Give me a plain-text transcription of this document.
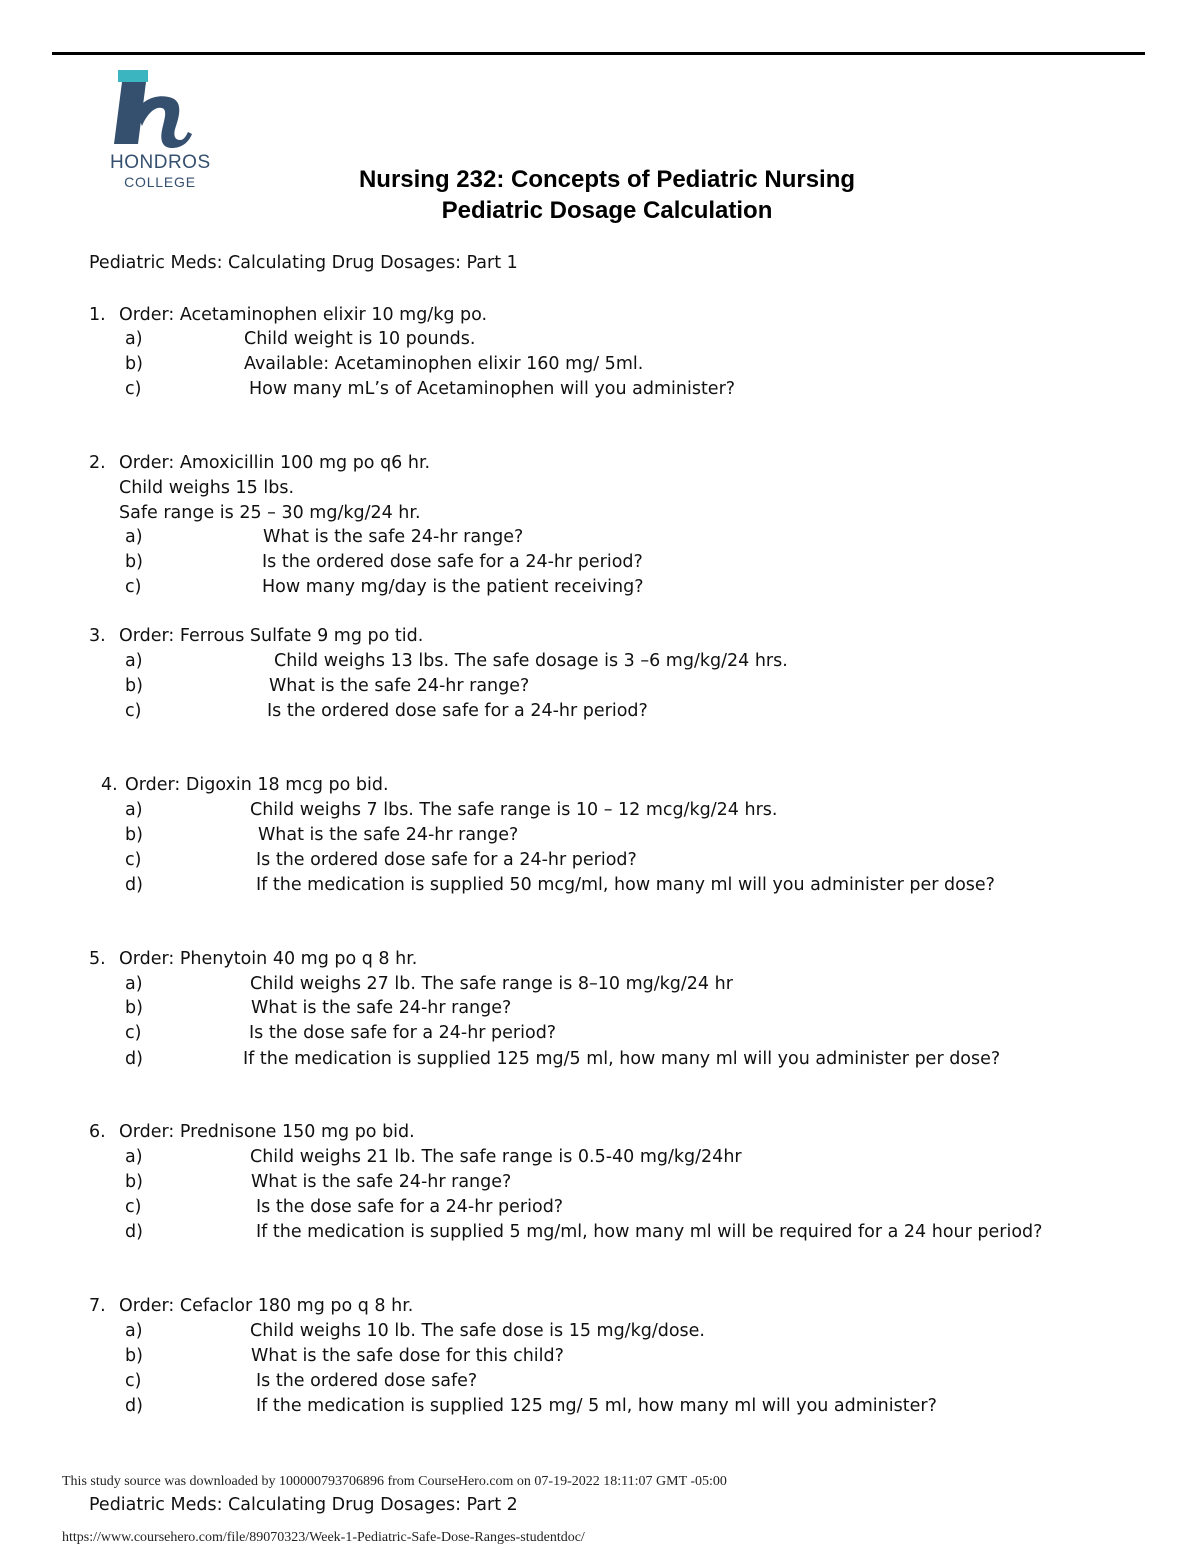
HONDROS
COLLEGE	Nursing 232: Concepts of Pediatric Nursing
Pediatric Dosage Calculation
Pediatric Meds: Calculating Drug Dosages: Part 1
1. Order: Acetaminophen elixir 10 mg/kg po.
a)	Child weight is 10 pounds.
b)	Available: Acetaminophen elixir 160 mg/ 5ml.
c)	How many mL’s of Acetaminophen will you administer?
2. Order: Amoxicillin 100 mg po q6 hr.
Child weighs 15 lbs.
Safe range is 25 – 30 mg/kg/24 hr.
a)	What is the safe 24-hr range?
b)	Is the ordered dose safe for a 24-hr period?
c)	How many mg/day is the patient receiving?
3. Order: Ferrous Sulfate 9 mg po tid.
a)	Child weighs 13 lbs. The safe dosage is 3 –6 mg/kg/24 hrs.
b)	What is the safe 24-hr range?
c)	Is the ordered dose safe for a 24-hr period?
4. Order: Digoxin 18 mcg po bid.
a)	Child weighs 7 lbs. The safe range is 10 – 12 mcg/kg/24 hrs.
b)	What is the safe 24-hr range?
c)	Is the ordered dose safe for a 24-hr period?
d)	If the medication is supplied 50 mcg/ml, how many ml will you administer per dose?
5. Order: Phenytoin 40 mg po q 8 hr.
a)	Child weighs 27 lb. The safe range is 8–10 mg/kg/24 hr
b)	What is the safe 24-hr range?
c)	Is the dose safe for a 24-hr period?
d)	If the medication is supplied 125 mg/5 ml, how many ml will you administer per dose?
6. Order: Prednisone 150 mg po bid.
a)	Child weighs 21 lb. The safe range is 0.5-40 mg/kg/24hr
b)	What is the safe 24-hr range?
c)	Is the dose safe for a 24-hr period?
d)	If the medication is supplied 5 mg/ml, how many ml will be required for a 24 hour period?
7. Order: Cefaclor 180 mg po q 8 hr.
a)	Child weighs 10 lb. The safe dose is 15 mg/kg/dose.
b)	What is the safe dose for this child?
c)	Is the ordered dose safe?
d)	If the medication is supplied 125 mg/ 5 ml, how many ml will you administer?
This study source was downloaded by 100000793706896 from CourseHero.com on 07-19-2022 18:11:07 GMT -05:00
Pediatric Meds: Calculating Drug Dosages: Part 2
https://www.coursehero.com/file/89070323/Week-1-Pediatric-Safe-Dose-Ranges-studentdoc/
